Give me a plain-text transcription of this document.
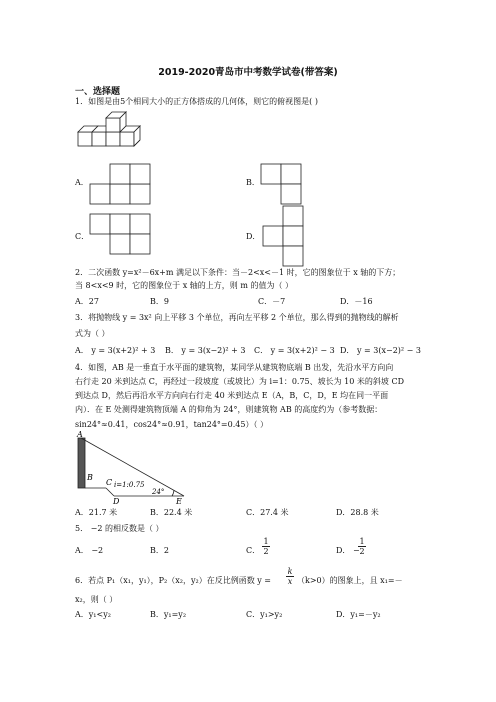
2019-2020青岛市中考数学试卷(带答案)
一、选择题
1．如图是由5个相同大小的正方体搭成的几何体，则它的俯视图是( )
A．	B．
C．	D．
2．二次函数 y=x²－6x+m 满足以下条件：当－2<x<－1 时，它的图象位于 x 轴的下方；
当 8<x<9 时，它的图象位于 x 轴的上方，则 m 的值为（ ）
A．27	B．9	C．－7	D．－16
3．将抛物线 y = 3x² 向上平移 3 个单位，再向左平移 2 个单位，那么得到的抛物线的解析
式为（ ）
A． y = 3(x+2)² + 3 B． y = 3(x−2)² + 3 C． y = 3(x+2)² − 3 D． y = 3(x−2)² − 3
4．如图，AB 是一垂直于水平面的建筑物，某同学从建筑物底端 B 出发，先沿水平方向向
右行走 20 米到达点 C，再经过一段坡度（或坡比）为 i=1：0.75、坡长为 10 米的斜坡 CD
到达点 D，然后再沿水平方向向右行走 40 米到达点 E（A，B，C，D，E 均在同一平面
内）．在 E 处测得建筑物顶端 A 的仰角为 24°，则建筑物 AB 的高度约为（参考数据：
sin24°≈0.41，cos24°≈0.91，tan24°=0.45）（ ）
A
B
C
D	E
i=1:0.75
24°
A．21.7 米	B．22.4 米	C．27.4 米	D．28.8 米
5． −2 的相反数是（ ）
A． −2	B．2	C． $\frac{1}{2}$	D． −
$\frac{1}{2}$
6．若点 P₁（x₁，y₁），P₂（x₂，y₂）在反比例函数 $y = \frac{k}{x} (k>0)$的图象上，且 x₁=－
x₂，则（ ）
A．y₁<y₂	B．y₁=y₂	C．y₁>y₂	D．y₁=－y₂
